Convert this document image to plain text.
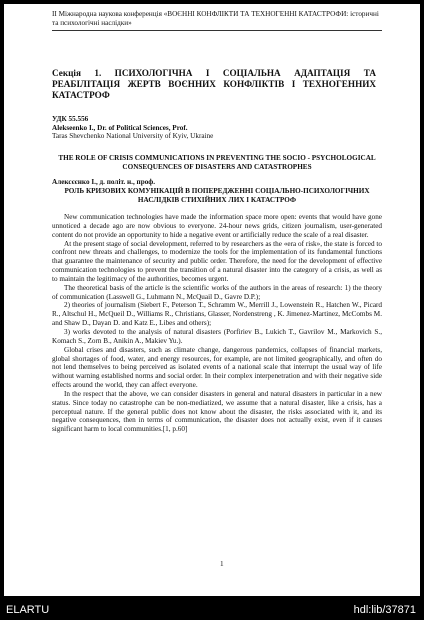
ІІ Міжнародна наукова конференція «ВОЄННІ КОНФЛІКТИ ТА ТЕХНОГЕННІ КАТАСТРОФИ: історичні та психологічні наслідки»
Секція 1. ПСИХОЛОГІЧНА І СОЦІАЛЬНА АДАПТАЦІЯ ТА РЕАБІЛІТАЦІЯ ЖЕРТВ ВОЄННИХ КОНФЛІКТІВ І ТЕХНОГЕННИХ КАТАСТРОФ
УДК 55.556
Alekseenko I., Dr. of Political Sciences, Prof.
Taras Shevchenko National University of Kyiv, Ukraine
THE ROLE OF CRISIS COMMUNICATIONS IN PREVENTING THE SOCIO - PSYCHOLOGICAL CONSEQUENCES OF DISASTERS AND CATASTROPHES
Алексєєнко І., д. політ. н., проф.
РОЛЬ КРИЗОВИХ КОМУНІКАЦІЙ В ПОПЕРЕДЖЕННІ СОЦІАЛЬНО-ПСИХОЛОГІЧНИХ НАСЛІДКІВ СТИХІЙНИХ ЛИХ І КАТАСТРОФ

New communication technologies have made the information space more open: events that would have gone unnoticed a decade ago are now obvious to everyone. 24-hour news grids, citizen journalism, user-generated content do not provide an opportunity to hide a negative event or artificially reduce the scale of a real disaster.

At the present stage of social development, referred to by researchers as the «era of risk», the state is forced to confront new threats and challenges, to modernize the tools for the implementation of its fundamental functions that guarantee the maintenance of security and public order. Therefore, the need for the development of effective communication technologies to prevent the transition of a natural disaster into the category of a crisis, as well as to maintain the legitimacy of the authorities, becomes urgent.

The theoretical basis of the article is the scientific works of the authors in the areas of research: 1) the theory of communication (Lasswell G., Luhmann N., McQuail D., Gavre D.P.);

2) theories of journalism (Siebert F., Peterson T., Schramm W., Merrill J., Lowenstein R., Hatchen W., Picard R., Altschul H., McQueil D., Williams R., Christians, Glasser, Nordenstreng , K. Jimenez-Martinez, McCombs M. and Shaw D., Dayan D. and Katz E., Libes and others);

3) works devoted to the analysis of natural disasters (Porfiriev B., Lukich T., Gavrilov M., Markovich S., Komach S., Zorn B., Anikin A., Makiev Yu.).

Global crises and disasters, such as climate change, dangerous pandemics, collapses of financial markets, global shortages of food, water, and energy resources, for example, are not limited geographically, and often do not lend themselves to being perceived as isolated events of a national scale that interrupt the usual way of life without warning established norms and social order. In their complex interpenetration and with their negative side effects around the world, they can affect everyone.

In the respect that the above, we can consider disasters in general and natural disasters in particular in a new status. Since today no catastrophe can be non-mediatized, we assume that a natural disaster, like a crisis, has a perceptual nature. If the general public does not know about the disaster, the risks associated with it, and its negative consequences, then in terms of communication, the disaster does not actually exist, even if it causes significant harm to local communities.[1, p.60]

1
ELARTU	hdl:lib/37871
